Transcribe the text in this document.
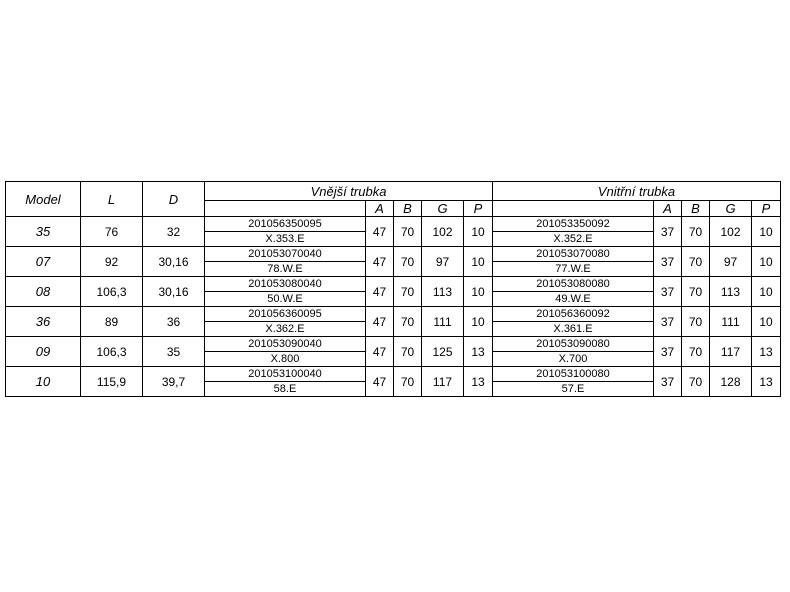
Model	L	D	Vnější trubka					Vnitřní trubka				
				A	B	G	P		A	B	G	P
35	76	32	201056350095	47	70	102	10	201053350092	37	70	102	10
			X.353.E					X.352.E				
07	92	30,16	201053070040	47	70	97	10	201053070080	37	70	97	10
			78.W.E					77.W.E				
08	106,3	30,16	201053080040	47	70	113	10	201053080080	37	70	113	10
			50.W.E					49.W.E				
36	89	36	201056360095	47	70	111	10	201056360092	37	70	111	10
			X.362.E					X.361.E				
09	106,3	35	201053090040	47	70	125	13	201053090080	37	70	117	13
			X.800					X.700				
10	115,9	39,7	201053100040	47	70	117	13	201053100080	37	70	128	13
			58.E					57.E				
